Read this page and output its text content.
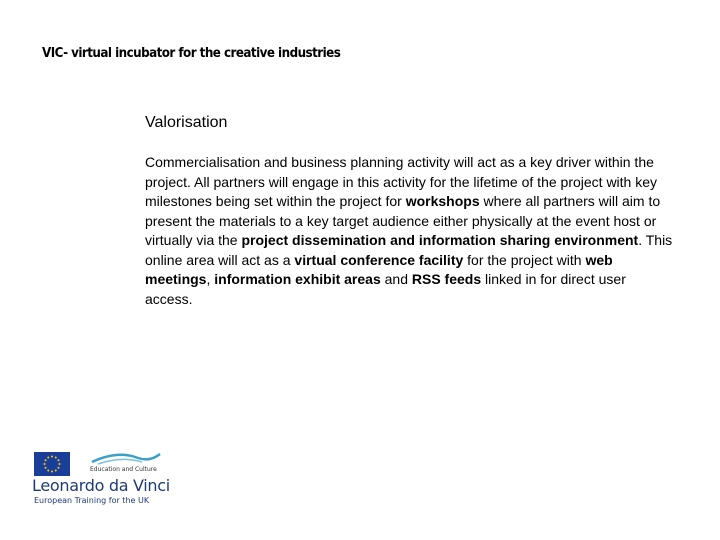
VIC- virtual incubator for the creative industries
Valorisation
Commercialisation and business planning activity will act as a key driver within the project. All partners will engage in this activity for the lifetime of the project with key milestones being set within the project for workshops where all partners will aim to present the materials to a key target audience either physically at the event host or virtually via the project dissemination and information sharing environment. This online area will act as a virtual conference facility for the project with web meetings, information exhibit areas and RSS feeds linked in for direct user access.
Education and Culture
Leonardo da Vinci
European Training for the UK
